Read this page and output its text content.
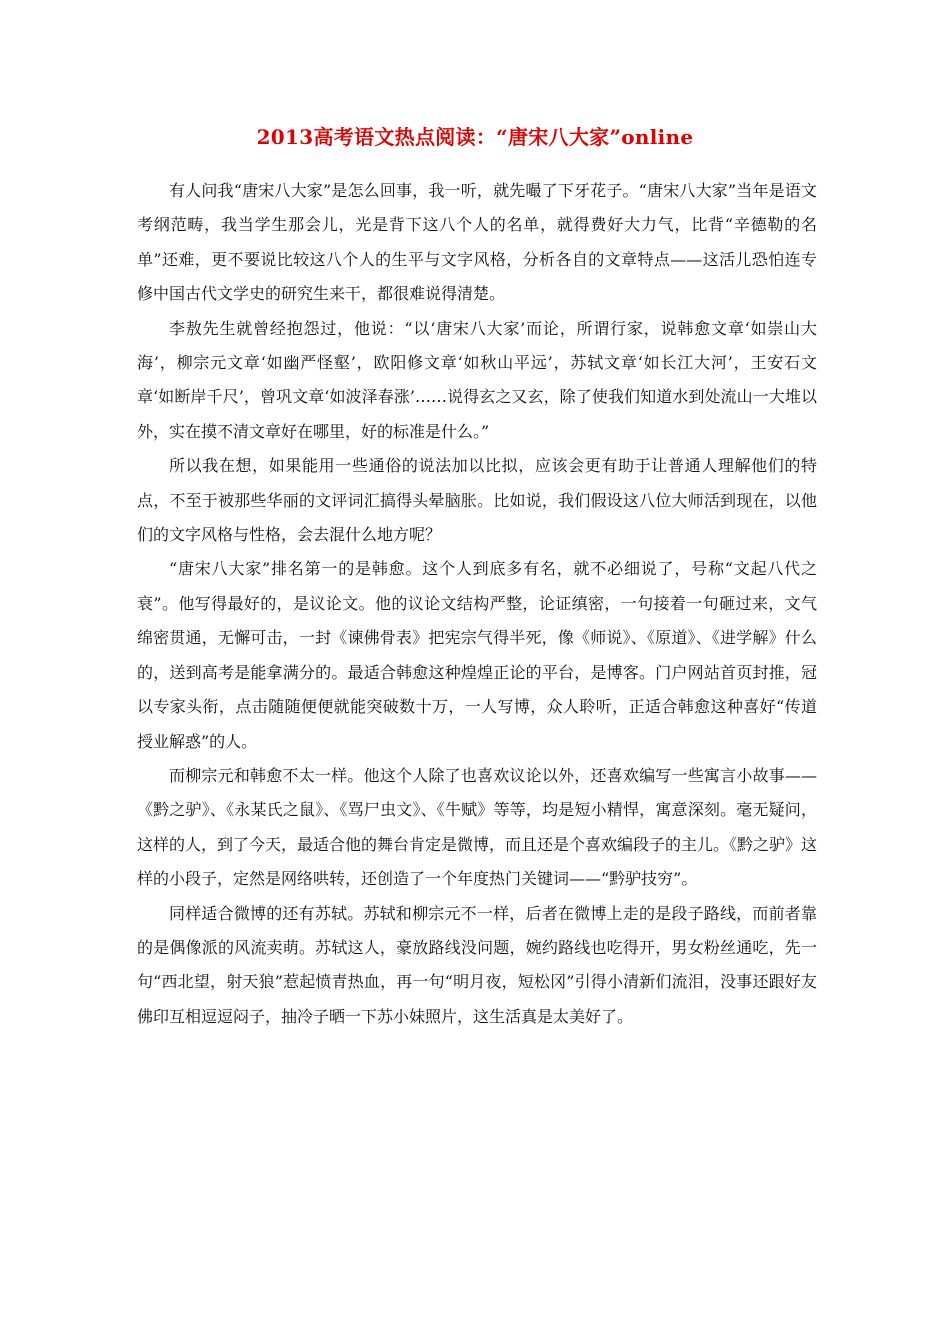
2013高考语文热点阅读：“唐宋八大家”online

有人问我“唐宋八大家”是怎么回事，我一听，就先嘬了下牙花子。“唐宋八大家”当年是语文考纲范畴，我当学生那会儿，光是背下这八个人的名单，就得费好大力气，比背“辛德勒的名单”还难，更不要说比较这八个人的生平与文字风格，分析各自的文章特点——这活儿恐怕连专修中国古代文学史的研究生来干，都很难说得清楚。

李敖先生就曾经抱怨过，他说：“以‘唐宋八大家’而论，所谓行家，说韩愈文章‘如崇山大海’，柳宗元文章‘如幽严怪壑’，欧阳修文章‘如秋山平远’，苏轼文章‘如长江大河’，王安石文章‘如断岸千尺’，曾巩文章‘如波泽春涨’……说得玄之又玄，除了使我们知道水到处流山一大堆以外，实在摸不清文章好在哪里，好的标准是什么。”

所以我在想，如果能用一些通俗的说法加以比拟，应该会更有助于让普通人理解他们的特点，不至于被那些华丽的文评词汇搞得头晕脑胀。比如说，我们假设这八位大师活到现在，以他们的文字风格与性格，会去混什么地方呢？

“唐宋八大家”排名第一的是韩愈。这个人到底多有名，就不必细说了，号称“文起八代之衰”。他写得最好的，是议论文。他的议论文结构严整，论证缜密，一句接着一句砸过来，文气绵密贯通，无懈可击，一封《谏佛骨表》把宪宗气得半死，像《师说》、《原道》、《进学解》什么的，送到高考是能拿满分的。最适合韩愈这种煌煌正论的平台，是博客。门户网站首页封推，冠以专家头衔，点击随随便便就能突破数十万，一人写博，众人聆听，正适合韩愈这种喜好“传道授业解惑”的人。

而柳宗元和韩愈不太一样。他这个人除了也喜欢议论以外，还喜欢编写一些寓言小故事——《黔之驴》、《永某氏之鼠》、《骂尸虫文》、《牛赋》等等，均是短小精悍，寓意深刻。毫无疑问，这样的人，到了今天，最适合他的舞台肯定是微博，而且还是个喜欢编段子的主儿。《黔之驴》这样的小段子，定然是网络哄转，还创造了一个年度热门关键词——“黔驴技穷”。

同样适合微博的还有苏轼。苏轼和柳宗元不一样，后者在微博上走的是段子路线，而前者靠的是偶像派的风流卖萌。苏轼这人，豪放路线没问题，婉约路线也吃得开，男女粉丝通吃，先一句“西北望，射天狼”惹起愤青热血，再一句“明月夜，短松冈”引得小清新们流泪，没事还跟好友佛印互相逗逗闷子，抽冷子晒一下苏小妹照片，这生活真是太美好了。
